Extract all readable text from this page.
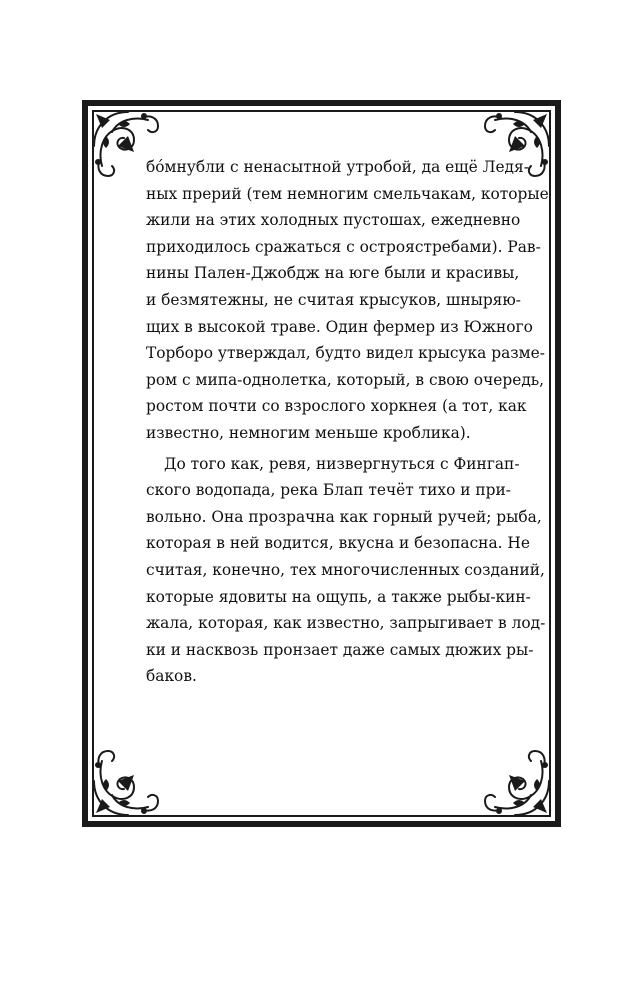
бóмнубли с ненасытной утробой, да ещё Ледя-
ных прерий (тем немногим смельчакам, которые
жили на этих холодных пустошах, ежедневно
приходилось сражаться с остроястребами). Рав-
нины Пален-Джобдж на юге были и красивы,
и безмятежны, не считая крысуков, шныряю-
щих в высокой траве. Один фермер из Южного
Торборо утверждал, будто видел крысука разме-
ром с мипа-однолетка, который, в свою очередь,
ростом почти со взрослого хоркнея (а тот, как
известно, немногим меньше кроблика).
До того как, ревя, низвергнуться с Фингап-
ского водопада, река Блап течёт тихо и при-
вольно. Она прозрачна как горный ручей; рыба,
которая в ней водится, вкусна и безопасна. Не
считая, конечно, тех многочисленных созданий,
которые ядовиты на ощупь, а также рыбы-кин-
жала, которая, как известно, запрыгивает в лод-
ки и насквозь пронзает даже самых дюжих ры-
баков.
